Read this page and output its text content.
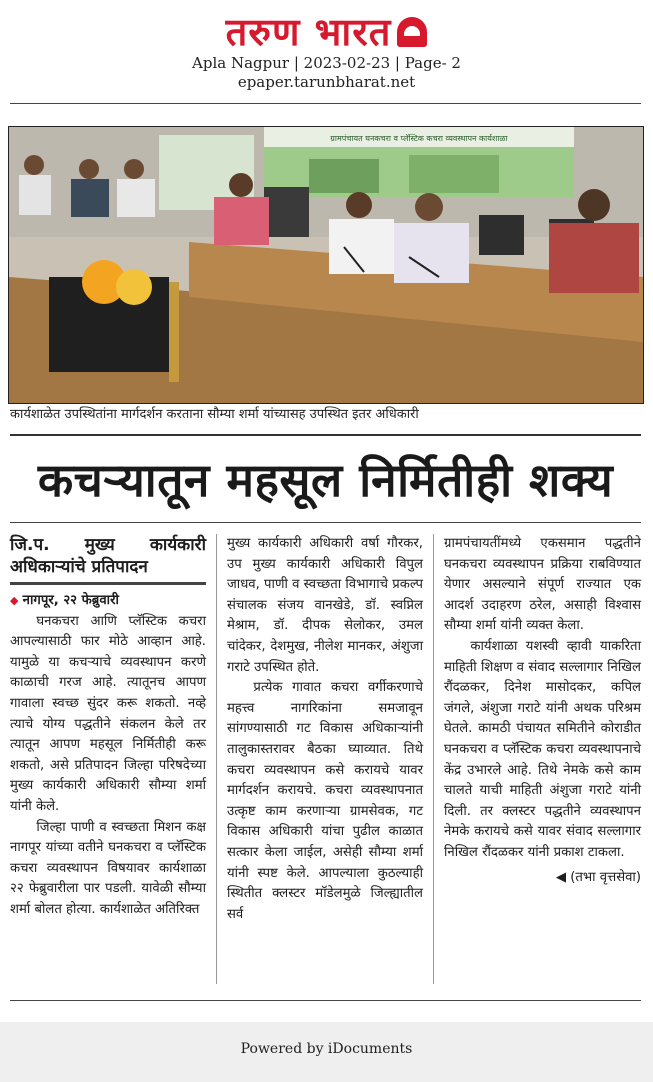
तरुण भारत
Apla Nagpur | 2023-02-23 | Page- 2
epaper.tarunbharat.net
ग्रामपंचायत घनकचरा व प्लॅस्टिक कचरा व्यवस्थापन कार्यशाळा
कार्यशाळेत उपस्थितांना मार्गदर्शन करताना सौम्या शर्मा यांच्यासह उपस्थित इतर अधिकारी
कचऱ्यातून महसूल निर्मितीही शक्य
जि.प. मुख्य कार्यकारी अधिकाऱ्यांचे प्रतिपादन

◆ नागपूर, २२ फेब्रुवारी

घनकचरा आणि प्लॅस्टिक कचरा आपल्यासाठी फार मोठे आव्हान आहे. यामुळे या कचऱ्याचे व्यवस्थापन करणे काळाची गरज आहे. त्यातूनच आपण गावाला स्वच्छ सुंदर करू शकतो. नव्हे त्याचे योग्य पद्धतीने संकलन केले तर त्यातून आपण महसूल निर्मितीही करू शकतो, असे प्रतिपादन जिल्हा परिषदेच्या मुख्य कार्यकारी अधिकारी सौम्या शर्मा यांनी केले.

जिल्हा पाणी व स्वच्छता मिशन कक्ष नागपूर यांच्या वतीने घनकचरा व प्लॅस्टिक कचरा व्यवस्थापन विषयावर कार्यशाळा २२ फेब्रुवारीला पार पडली. यावेळी सौम्या शर्मा बोलत होत्या. कार्यशाळेत अतिरिक्त

मुख्य कार्यकारी अधिकारी वर्षा गौरकर, उप मुख्य कार्यकारी अधिकारी विपुल जाधव, पाणी व स्वच्छता विभागाचे प्रकल्प संचालक संजय वानखेडे, डॉ. स्वप्निल मेश्राम, डॉ. दीपक सेलोकर, उमल चांदेकर, देशमुख, नीलेश मानकर, अंशुजा गराटे उपस्थित होते.

प्रत्येक गावात कचरा वर्गीकरणाचे महत्त्व नागरिकांना समजावून सांगण्यासाठी गट विकास अधिकाऱ्यांनी तालुकास्तरावर बैठका घ्याव्यात. तिथे कचरा व्यवस्थापन कसे करायचे यावर मार्गदर्शन करायचे. कचरा व्यवस्थापनात उत्कृष्ट काम करणाऱ्या ग्रामसेवक, गट विकास अधिकारी यांचा पुढील काळात सत्कार केला जाईल, असेही सौम्या शर्मा यांनी स्पष्ट केले. आपल्याला कुठल्याही स्थितीत क्लस्टर मॉडेलमुळे जिल्ह्यातील सर्व

ग्रामपंचायतींमध्ये एकसमान पद्धतीने घनकचरा व्यवस्थापन प्रक्रिया राबविण्यात येणार असल्याने संपूर्ण राज्यात एक आदर्श उदाहरण ठरेल, असाही विश्वास सौम्या शर्मा यांनी व्यक्त केला.

कार्यशाळा यशस्वी व्हावी याकरिता माहिती शिक्षण व संवाद सल्लागार निखिल रौंदळकर, दिनेश मासोदकर, कपिल जंगले, अंशुजा गराटे यांनी अथक परिश्रम घेतले. कामठी पंचायत समितीने कोराडीत घनकचरा व प्लॅस्टिक कचरा व्यवस्थापनाचे केंद्र उभारले आहे. तिथे नेमके कसे काम चालते याची माहिती अंशुजा गराटे यांनी दिली. तर क्लस्टर पद्धतीने व्यवस्थापन नेमके करायचे कसे यावर संवाद सल्लागार निखिल रौंदळकर यांनी प्रकाश टाकला.

◀ (तभा वृत्तसेवा)
Powered by iDocuments
